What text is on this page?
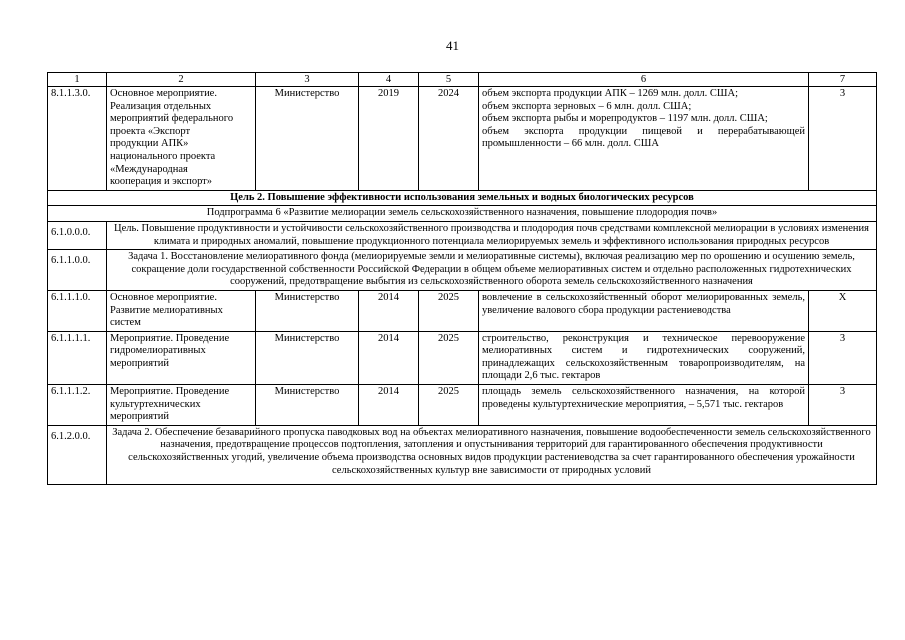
41
1	2	3	4	5	6	7
8.1.1.3.0.	Основное мероприятие. Реализация отдельных мероприятий федерального проекта «Экспорт продукции АПК» национального проекта «Международная кооперация и экспорт»	Министерство	2019	2024	объем экспорта продукции АПК – 1269 млн. долл. США;
объем экспорта зерновых – 6 млн. долл. США;
объем экспорта рыбы и морепродуктов – 1197 млн. долл. США;
объем экспорта продукции пищевой и перерабатывающей промышленности – 66 млн. долл. США	3
Цель 2. Повышение эффективности использования земельных и водных биологических ресурсов						
Подпрограмма 6 «Развитие мелиорации земель сельскохозяйственного назначения, повышение плодородия почв»						
6.1.0.0.0.	Цель. Повышение продуктивности и устойчивости сельскохозяйственного производства и плодородия почв средствами комплексной мелиорации в условиях изменения климата и природных аномалий, повышение продукционного потенциала мелиорируемых земель и эффективного использования природных ресурсов					
6.1.1.0.0.	Задача 1. Восстановление мелиоративного фонда (мелиорируемые земли и мелиоративные системы), включая реализацию мер по орошению и осушению земель, сокращение доли государственной собственности Российской Федерации в общем объеме мелиоративных систем и отдельно расположенных гидротехнических сооружений, предотвращение выбытия из сельскохозяйственного оборота земель сельскохозяйственного назначения					
6.1.1.1.0.	Основное мероприятие. Развитие мелиоративных систем	Министерство	2014	2025	вовлечение в сельскохозяйственный оборот мелиорированных земель, увеличение валового сбора продукции растениеводства	X
6.1.1.1.1.	Мероприятие. Проведение гидромелиоративных мероприятий	Министерство	2014	2025	строительство, реконструкция и техническое перевооружение мелиоративных систем и гидротехнических сооружений, принадлежащих сельскохозяйственным товаропроизводителям, на площади 2,6 тыс. гектаров	3
6.1.1.1.2.	Мероприятие. Проведение культуртехнических мероприятий	Министерство	2014	2025	площадь земель сельскохозяйственного назначения, на которой проведены культуртехнические мероприятия, – 5,571 тыс. гектаров	3
6.1.2.0.0.	Задача 2. Обеспечение безаварийного пропуска паводковых вод на объектах мелиоративного назначения, повышение водообеспеченности земель сельскохозяйственного назначения, предотвращение процессов подтопления, затопления и опустынивания территорий для гарантированного обеспечения продуктивности сельскохозяйственных угодий, увеличение объема производства основных видов продукции растениеводства за счет гарантированного обеспечения урожайности сельскохозяйственных культур вне зависимости от природных условий					
